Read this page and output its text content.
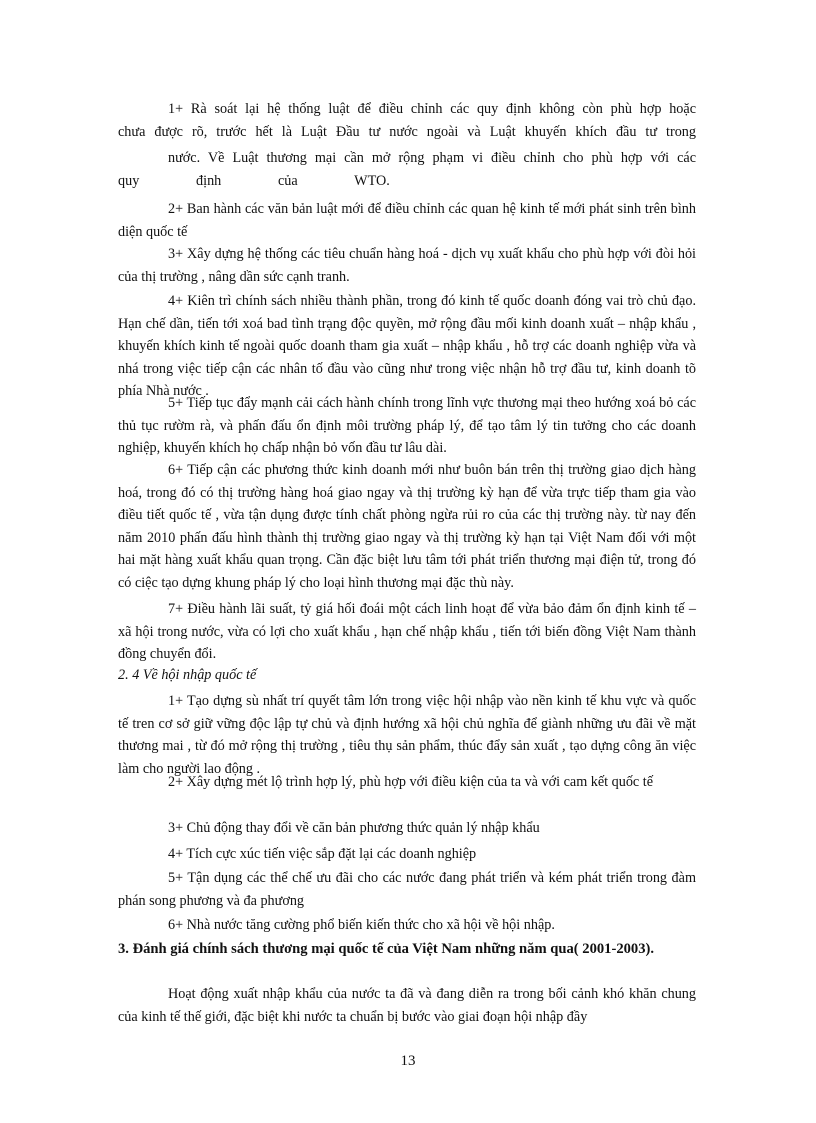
1+ Rà soát lại hệ thống luật để điều chỉnh các quy định không còn phù hợp hoặc
chưa được rõ, trước hết là Luật Đầu tư nước ngoài và Luật khuyến khích đầu tư trong
nước. Về Luật thương mại cần mở rộng phạm vi điều chỉnh cho phù hợp với các
quy                định                của                WTO.
2+ Ban hành các văn bản luật mới để điều chỉnh các quan hệ kinh tế mới phát sinh trên bình diện quốc tế
3+ Xây dựng hệ thống các tiêu chuẩn hàng hoá - dịch vụ xuất khẩu cho phù hợp với đòi hỏi của thị trường , nâng dần sức cạnh tranh.
4+ Kiên trì chính sách nhiều thành phần, trong đó kinh tế quốc doanh đóng vai trò chủ đạo. Hạn chế dần, tiến tới xoá bad tình trạng độc quyền, mở rộng đầu mối kinh doanh xuất – nhập khẩu , khuyến khích kinh tế ngoài quốc doanh tham gia xuất – nhập khẩu , hỗ trợ các doanh nghiệp vừa và nhá trong việc tiếp cận các nhân tố đầu vào cũng như trong việc nhận hỗ trợ đầu tư, kinh doanh tõ phía Nhà nước .
5+ Tiếp tục đẩy mạnh cải cách hành chính trong lĩnh vực thương mại theo hướng xoá bỏ các thủ tục rườm rà, và phấn đấu ổn định môi trường pháp lý, để tạo tâm lý tin tưởng cho các doanh nghiệp, khuyến khích họ chấp nhận bỏ vốn đầu tư lâu dài.
6+ Tiếp cận các phương thức kinh doanh mới như buôn bán trên thị trường giao dịch hàng hoá, trong đó có thị trường hàng hoá giao ngay và thị trường kỳ hạn để vừa trực tiếp tham gia vào điều tiết quốc tế , vừa tận dụng được tính chất phòng ngừa rủi ro của các thị trường này. từ nay đến năm 2010 phấn đấu hình thành thị trường giao ngay và thị trường kỳ hạn tại Việt Nam đối với một hai mặt hàng xuất khẩu quan trọng. Cần đặc biệt lưu tâm tới phát triển thương mại điện tử, trong đó có ciệc tạo dựng khung pháp lý cho loại hình thương mại đặc thù này.
7+ Điều hành lãi suất, tỷ giá hối đoái một cách linh hoạt để vừa bảo đảm ổn định kinh tế – xã hội trong nước, vừa có lợi cho xuất khẩu , hạn chế nhập khẩu , tiến tới biến đồng Việt Nam thành đồng chuyển đổi.
2. 4 Về hội nhập quốc tế
1+ Tạo dựng sù nhất trí quyết tâm lớn trong việc hội nhập vào nền kinh tế khu vực và quốc tế tren cơ sở giữ vững độc lập tự chủ và định hướng xã hội chủ nghĩa để giành những ưu đãi về mặt thương mai , từ đó mở rộng thị trường , tiêu thụ sản phẩm, thúc đẩy sản xuất , tạo dựng công ăn việc làm cho người lao động .
2+ Xây dựng mét lộ trình hợp lý, phù hợp với điều kiện của ta và với cam kết quốc tế
3+ Chủ động thay đổi về căn bản phương thức quản lý nhập khẩu
4+ Tích cực xúc tiến việc sắp đặt lại các doanh nghiệp
5+ Tận dụng các thể chế ưu đãi cho các nước đang phát triển và kém phát triển trong đàm phán song phương và đa phương
6+ Nhà nước tăng cường phổ biến kiến thức cho xã hội về hội nhập.
3. Đánh giá chính sách thương mại quốc tế của Việt Nam những năm qua( 2001-2003).
Hoạt động xuất nhập khẩu của nước ta đã và đang diễn ra trong bối cảnh khó khăn chung của kinh tế thế giới, đặc biệt khi nước ta chuẩn bị bước vào giai đoạn hội nhập đầy
13
